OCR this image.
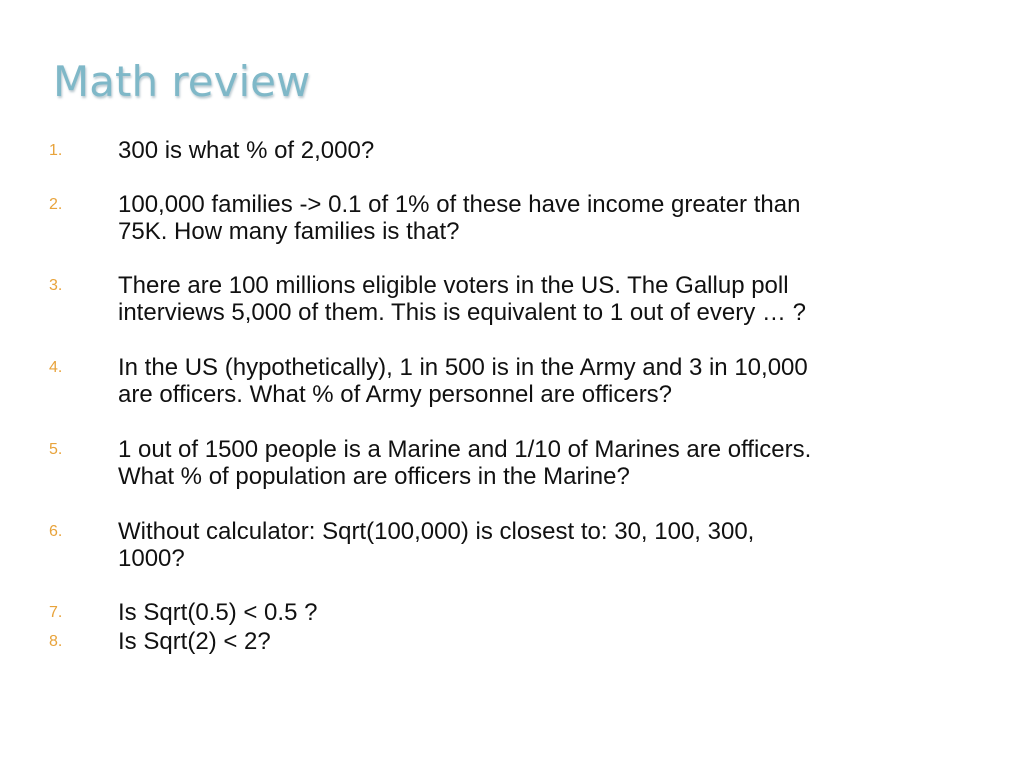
Math review
1. 300 is what % of 2,000?
2. 100,000 families -> 0.1 of 1% of these have income greater than
75K. How many families is that?
3. There are 100 millions eligible voters in the US. The Gallup poll
interviews 5,000 of them. This is equivalent to 1 out of every … ?
4. In the US (hypothetically), 1 in 500 is in the Army and 3 in 10,000
are officers. What % of Army personnel are officers?
5. 1 out of 1500 people is a Marine and 1/10 of Marines are officers.
What % of population are officers in the Marine?
6. Without calculator: Sqrt(100,000) is closest to: 30, 100, 300,
1000?
7. Is Sqrt(0.5) < 0.5 ?
8. Is Sqrt(2) < 2?
